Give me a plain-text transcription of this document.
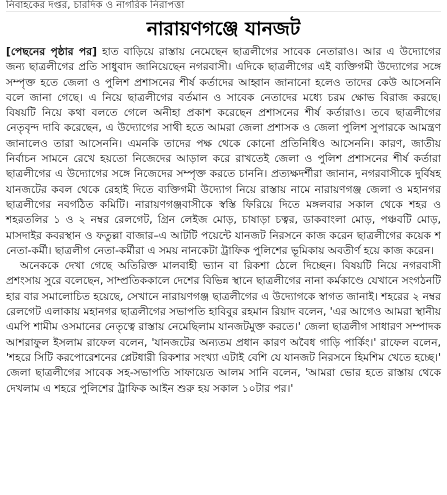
নিবাহকের দপ্তর, চারদিক ও নাগরিক নিরাপত্তা
নারায়ণগঞ্জে যানজট

[পেছনের পৃষ্ঠার পর] হাত বাড়িয়ে রাস্তায় নেমেছেন ছাত্রলীগের সাবেক নেতারাও। আর এ উদ্যোগের জন্য ছাত্রলীগের প্রতি সাধুবাদ জানিয়েছেন নগরবাসী। এদিকে ছাত্রলীগের এই ব্যক্তিগমী উদ্যোগের সঙ্গে সম্পৃক্ত হতে জেলা ও পুলিশ প্রশাসনের শীর্ষ কর্তাদের আহ্বান জানানো হলেও তাদের কেউ আসেননি বলে জানা গেছে। এ নিয়ে ছাত্রলীগের বর্তমান ও সাবেক নেতাদের মধ্যে চরম ক্ষোভ বিরাজ করছে। বিষয়টি নিয়ে কথা বলতে গেলে অনীহা প্রকাশ করেছেন প্রশাসনের শীর্ষ কর্তারাও। তবে ছাত্রলীগের নেতৃবৃন্দ দাবি করেছেন, এ উদ্যোগের সাথী হতে আমরা জেলা প্রশাসক ও জেলা পুলিশ সুপারকে আমন্ত্রণ জানালেও তারা আসেননি। এমনকি তাদের পক্ষ থেকে কোনো প্রতিনিধিও আসেননি। কারণ, জাতীয় নির্বাচন সামনে রেখে হয়তো নিজেদের আড়াল করে রাখতেই জেলা ও পুলিশ প্রশাসনের শীর্ষ কর্তারা ছাত্রলীগের এ উদ্যোগের সঙ্গে নিজেদের সম্পৃক্ত করতে চাননি। প্রত্যক্ষদর্শীরা জানান, নগরবাসীকে দুর্বিষহ যানজটের কবল থেকে রেহাই দিতে ব্যক্তিগমী উদ্যোগ নিয়ে রাস্তায় নামে নারায়ণগঞ্জ জেলা ও মহানগর ছাত্রলীগের নবগঠিত কমিটি। নারায়ণগঞ্জবাসীকে স্বস্তি ফিরিয়ে দিতে মঙ্গলবার সকাল থেকে শহর ও শহরতলির ১ ও ২ নম্বর রেলগেট, গ্রিন লেইজ মোড়, চাষাড়া চত্বর, ডাকবাংলা মোড়, পঞ্চবটি মোড়, মাসদাইর কবরস্থান ও ফতুল্লা বাজার–এ আটটি পয়েন্টে যানজট নিরসনে কাজ করেন ছাত্রলীগের কয়েক শ নেতা-কর্মী। ছাত্রলীগ নেতা-কর্মীরা এ সময় নানকেটা ট্রাফিক পুলিশের ভূমিকায় অবতীর্ণ হয়ে কাজ করেন।

অনেককে দেখা গেছে অতিরিক্ত মালবাহী ভ্যান বা রিকশা ঠেলে দিচ্ছেন। বিষয়টি নিয়ে নগরবাসী প্রশংসায় সুরে বলেছেন, সাম্প্রতিককালে দেশের বিভিন্ন স্থানে ছাত্রলীগের নানা কর্মকাণ্ডে যেখানে সংগঠনটি হার বার সমালোচিত হয়েছে, সেখানে নারায়ণগঞ্জ ছাত্রলীগের এ উদ্যোগকে স্বাগত জানাই। শহরের ২ নম্বর রেলগেট এলাকায় মহানগর ছাত্রলীগের সভাপতি হাবিবুর রহমান রিয়াদ বলেন, 'এর আগেও আমরা স্থানীয় এমপি শামীম ওসমানের নেতৃত্বে রাস্তায় নেমেছিলাম যানজটমুক্ত করতে।' জেলা ছাত্রলীগ সাধারণ সম্পাদক আশরাফুল ইসলাম রাফেল বলেন, 'যানজটের অন্যতম প্রধান কারণ অবৈধ গাড়ি পার্কিং।' রাফেল বলেন, 'শহরে সিটি করপোরেশনের প্লেটধারী রিকশার সংখ্যা এটাই বেশি যে যানজট নিরসনে হিমশিম খেতে হচ্ছে।' জেলা ছাত্রলীগের সাবেক সহ-সভাপতি সাফায়েত আলম সানি বলেন, 'আমরা ভোর হতে রাস্তায় থেকে দেখলাম এ শহরে পুলিশের ট্রাফিক আইন শুরু হয় সকাল ১০টার পর।'
